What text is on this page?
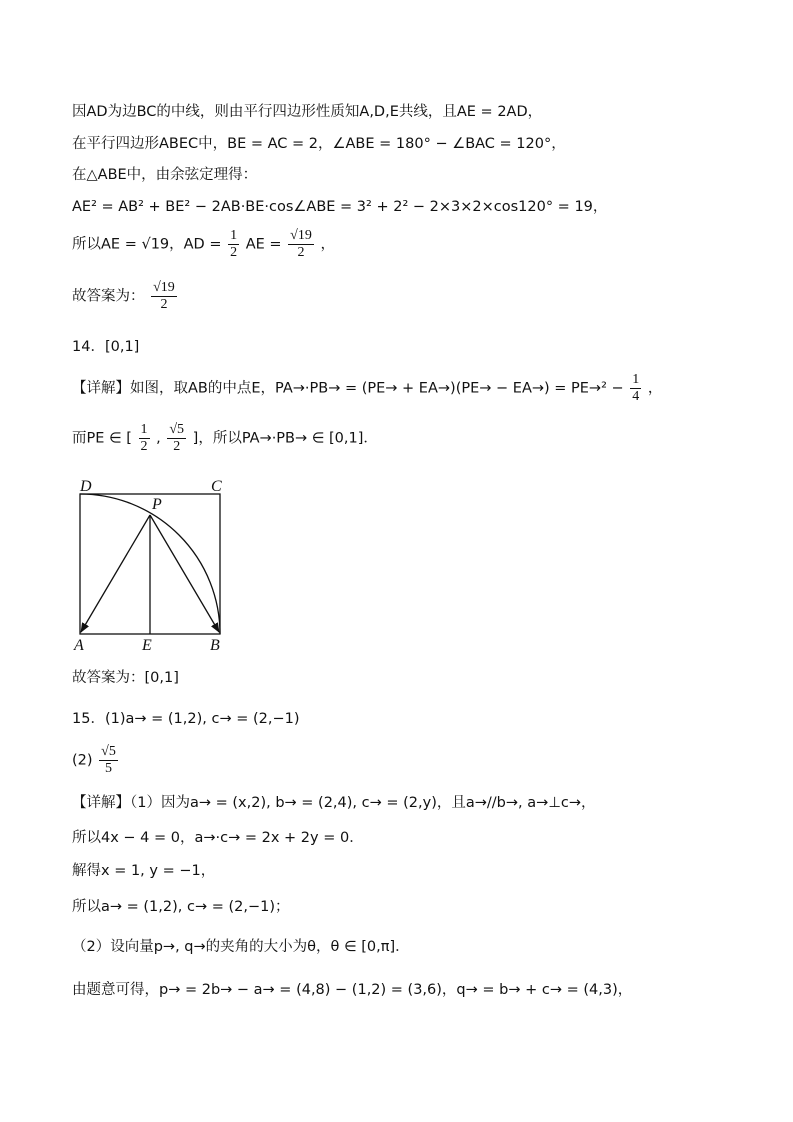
因AD为边BC的中线，则由平行四边形性质知A,D,E共线，且AE = 2AD，
在平行四边形ABEC中，BE = AC = 2，∠ABE = 180° − ∠BAC = 120°，
在△ABE中，由余弦定理得：
AE² = AB² + BE² − 2AB·BE·cos∠ABE = 3² + 2² − 2×3×2×cos120° = 19，
所以AE = √19，AD = $\frac{1}{2}$ AE = $\frac{√19}{2}$ ，
故答案为： $\frac{√19}{2}$
14．[0,1]
【详解】如图，取AB的中点E，$PA\to\cdot PB\to = (PE\to + EA\to)(PE\to - EA\to) = PE\to^2 - \frac{1}{4}$ ，
而PE ∈ [ $\frac{1}{2}$ , $\frac{√5}{2}$ ]，所以PA→·PB→ ∈ [0,1]．
D	C
P
A	E	B
故答案为：[0,1]
15．(1)a→ = (1,2), c→ = (2,−1)
$(2) \frac{√5}{5}$
【详解】（1）因为a→ = (x,2), b→ = (2,4), c→ = (2,y)，且a→//b→, a→⊥c→，
所以4x − 4 = 0，a→·c→ = 2x + 2y = 0．
解得x = 1, y = −1，
所以a→ = (1,2), c→ = (2,−1)；
（2）设向量p→, q→的夹角的大小为θ，θ ∈ [0,π]．
由题意可得，p→ = 2b→ − a→ = (4,8) − (1,2) = (3,6)，q→ = b→ + c→ = (4,3)，
